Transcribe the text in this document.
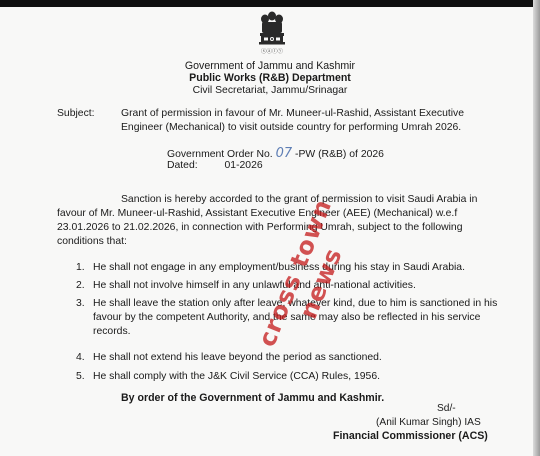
ⓢⓐⓣⓨ
Government of Jammu and Kashmir
Public Works (R&B) Department
Civil Secretariat, Jammu/Srinagar
Subject:	Grant of permission in favour of Mr. Muneer-ul-Rashid, Assistant Executive
Engineer (Mechanical) to visit outside country for performing Umrah 2026.
Government Order No. 07 -PW (R&B) of 2026
Dated:	01-2026
Sanction is hereby accorded to the grant of permission to visit Saudi Arabia in
favour of Mr. Muneer-ul-Rashid, Assistant Executive Engineer (AEE) (Mechanical) w.e.f
23.01.2026 to 21.02.2026, in connection with Performing Umrah, subject to the following
conditions that:
1. He shall not engage in any employment/business during his stay in Saudi Arabia.
2. He shall not involve himself in any unlawful and anti-national activities.
3. He shall leave the station only after leave, whatever kind, due to him is sanctioned in his
favour by the competent Authority, and the same may also be reflected in his service
records.
4. He shall not extend his leave beyond the period as sanctioned.
5. He shall comply with the J&K Civil Service (CCA) Rules, 1956.
By order of the Government of Jammu and Kashmir.
Sd/-
(Anil Kumar Singh) IAS
Financial Commissioner (ACS)
cross town news
